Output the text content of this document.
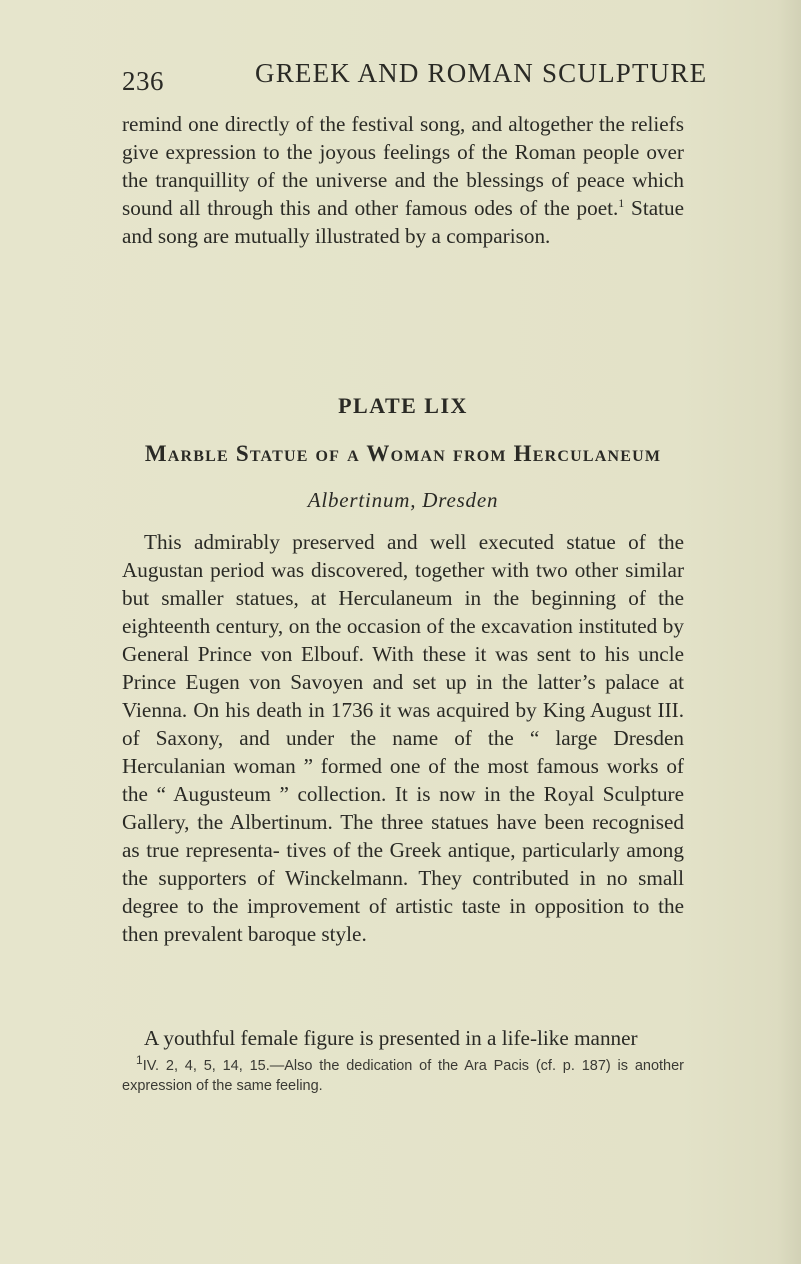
236	GREEK AND ROMAN SCULPTURE

remind one directly of the festival song, and altogether the reliefs give expression to the joyous feelings of the Roman people over the tranquillity of the universe and the blessings of peace which sound all through this and other famous odes of the poet.$^1$ Statue and song are mutually illustrated by a comparison.

PLATE LIX
Marble Statue of a Woman from Herculaneum

Albertinum, Dresden

This admirably preserved and well executed statue of the Augustan period was discovered, together with two other similar but smaller statues, at Herculaneum in the beginning of the eighteenth century, on the occasion of the excavation instituted by General Prince von Elbouf. With these it was sent to his uncle Prince Eugen von Savoyen and set up in the latter’s palace at Vienna. On his death in 1736 it was acquired by King August III. of Saxony, and under the name of the “ large Dresden Herculanian woman ” formed one of the most famous works of the “ Augusteum ” collection. It is now in the Royal Sculpture Gallery, the Albertinum. The three statues have been recognised as true representa- tives of the Greek antique, particularly among the supporters of Winckelmann. They contributed in no small degree to the improvement of artistic taste in opposition to the then prevalent baroque style.

A youthful female figure is presented in a life-like manner

$^1$IV. 2, 4, 5, 14, 15.—Also the dedication of the Ara Pacis (cf. p. 187) is another expression of the same feeling.
